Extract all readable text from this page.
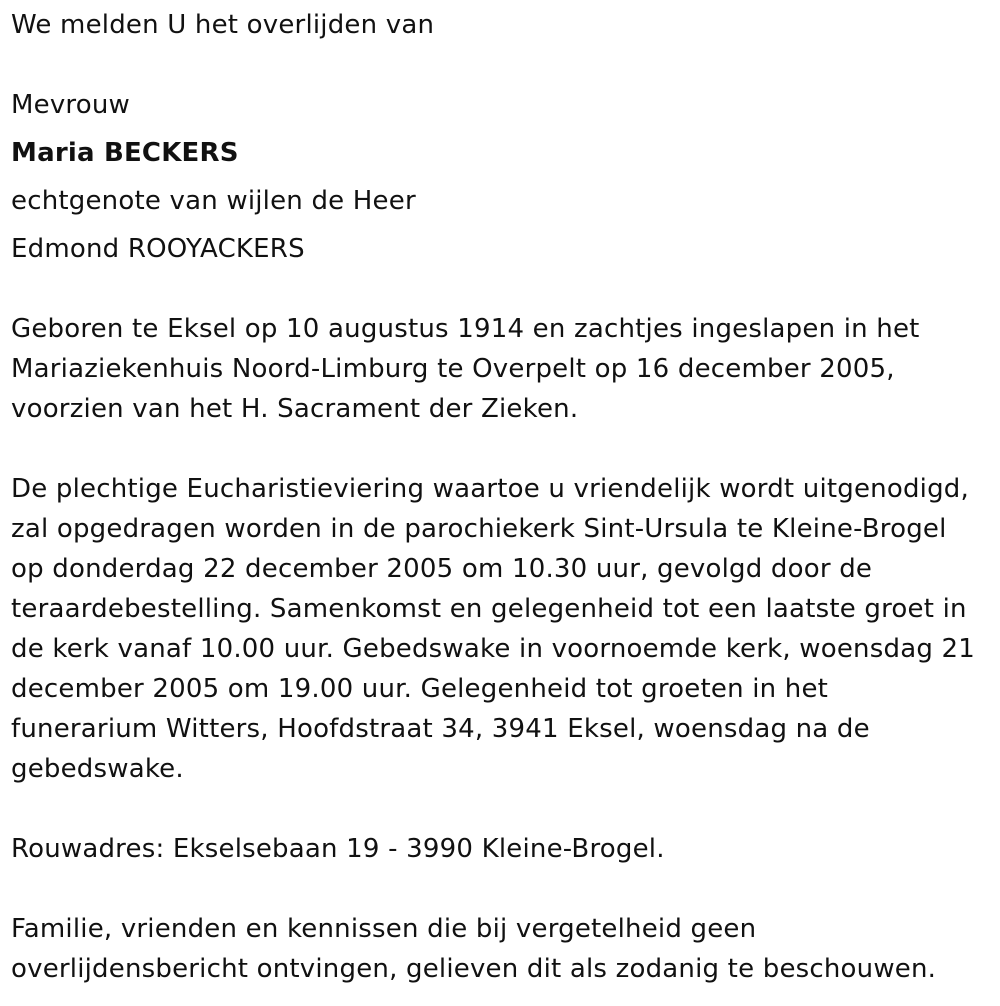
We melden U het overlijden van
Mevrouw
Maria BECKERS
echtgenote van wijlen de Heer
Edmond ROOYACKERS
Geboren te Eksel op 10 augustus 1914 en zachtjes ingeslapen in het
Mariaziekenhuis Noord-Limburg te Overpelt op 16 december 2005,
voorzien van het H. Sacrament der Zieken.
De plechtige Eucharistieviering waartoe u vriendelijk wordt uitgenodigd,
zal opgedragen worden in de parochiekerk Sint-Ursula te Kleine-Brogel
op donderdag 22 december 2005 om 10.30 uur, gevolgd door de
teraardebestelling. Samenkomst en gelegenheid tot een laatste groet in
de kerk vanaf 10.00 uur. Gebedswake in voornoemde kerk, woensdag 21
december 2005 om 19.00 uur. Gelegenheid tot groeten in het
funerarium Witters, Hoofdstraat 34, 3941 Eksel, woensdag na de
gebedswake.
Rouwadres: Ekselsebaan 19 - 3990 Kleine-Brogel.
Familie, vrienden en kennissen die bij vergetelheid geen
overlijdensbericht ontvingen, gelieven dit als zodanig te beschouwen.
